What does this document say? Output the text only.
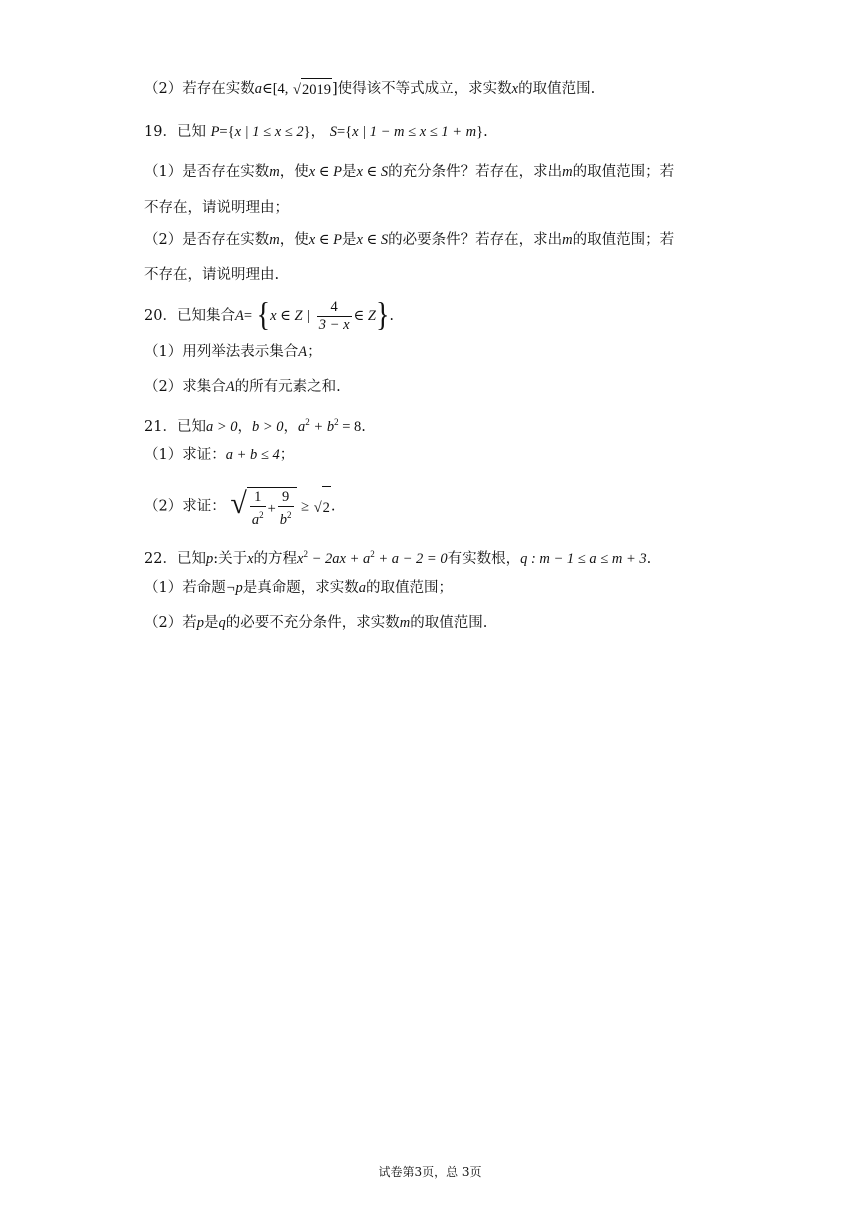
（2）若存在实数a∈[4, √2019]使得该不等式成立，求实数x的取值范围.
19．已知 P={x | 1 ≤ x ≤ 2}， S={x | 1 − m ≤ x ≤ 1 + m}.
（1）是否存在实数m，使x ∈ P是x ∈ S的充分条件？若存在，求出m的取值范围；若
不存在，请说明理由；
（2）是否存在实数m，使x ∈ P是x ∈ S的必要条件？若存在，求出m的取值范围；若
不存在，请说明理由.
20．已知集合A= {x ∈ Z | $\frac{4}{3 - x}$ ∈ Z}.
（1）用列举法表示集合A；
（2）求集合A的所有元素之和.
21．已知a > 0，b > 0，$a^2 + b^2 = 8$.
（1）求证：a + b ≤ 4；
（2）求证： √ $\frac{1}{a^2} + \frac{9}{b^2} \ge √2$.
22．已知p:关于x的方程$x^2 - 2ax + a^2 + a - 2 = 0$有实数根，q : m − 1 ≤ a ≤ m + 3.
（1）若命题¬p是真命题，求实数a的取值范围；
（2）若p是q的必要不充分条件，求实数m的取值范围.
试卷第3页，总 3页
